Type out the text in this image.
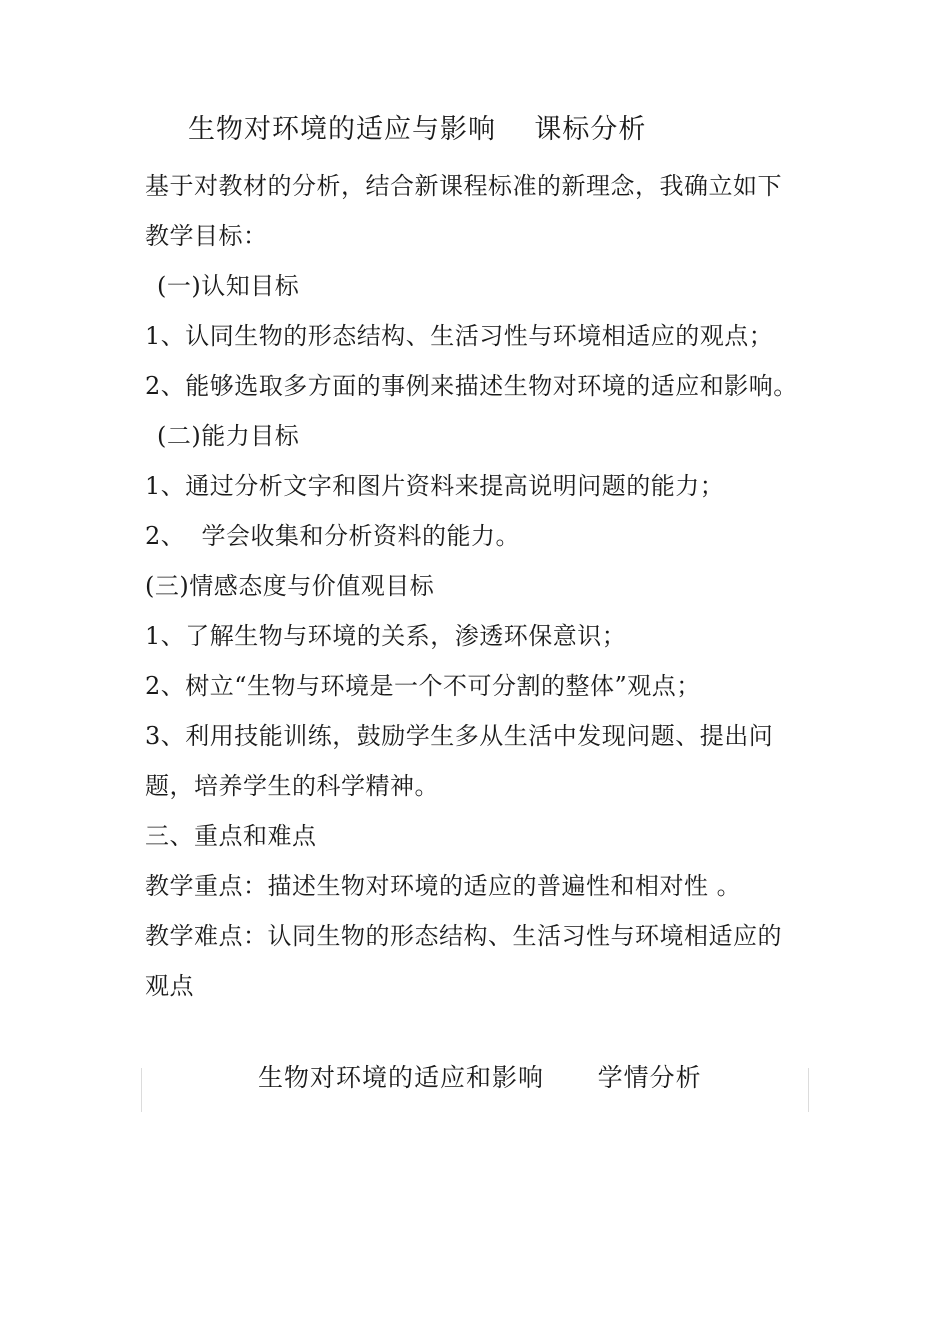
生物对环境的适应与影响    课标分析
基于对教材的分析，结合新课程标准的新理念，我确立如下
教学目标：
(一)认知目标
1、认同生物的形态结构、生活习性与环境相适应的观点；
2、能够选取多方面的事例来描述生物对环境的适应和影响。
(二)能力目标
1、通过分析文字和图片资料来提高说明问题的能力；
2、  学会收集和分析资料的能力。
(三)情感态度与价值观目标
1、了解生物与环境的关系，渗透环保意识；
2、树立“生物与环境是一个不可分割的整体”观点；
3、利用技能训练，鼓励学生多从生活中发现问题、提出问
题，培养学生的科学精神。
三、重点和难点
教学重点：描述生物对环境的适应的普遍性和相对性 。
教学难点：认同生物的形态结构、生活习性与环境相适应的
观点
生物对环境的适应和影响      学情分析
